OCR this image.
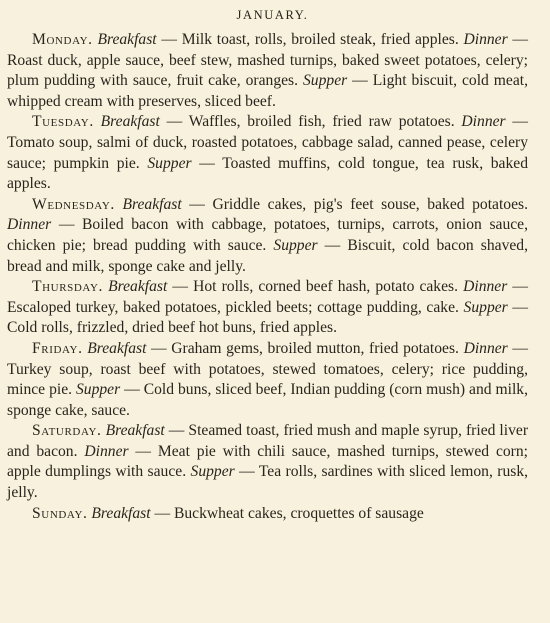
JANUARY.

Monday. Breakfast — Milk toast, rolls, broiled steak, fried apples. Dinner — Roast duck, apple sauce, beef stew, mashed turnips, baked sweet potatoes, celery; plum pudding with sauce, fruit cake, oranges. Supper — Light biscuit, cold meat, whipped cream with preserves, sliced beef.

Tuesday. Breakfast — Waffles, broiled fish, fried raw potatoes. Dinner — Tomato soup, salmi of duck, roasted potatoes, cabbage salad, canned pease, celery sauce; pumpkin pie. Supper — Toasted muffins, cold tongue, tea rusk, baked apples.

Wednesday. Breakfast — Griddle cakes, pig's feet souse, baked potatoes. Dinner — Boiled bacon with cabbage, potatoes, turnips, carrots, onion sauce, chicken pie; bread pudding with sauce. Supper — Biscuit, cold bacon shaved, bread and milk, sponge cake and jelly.

Thursday. Breakfast — Hot rolls, corned beef hash, potato cakes. Dinner — Escaloped turkey, baked potatoes, pickled beets; cottage pudding, cake. Supper — Cold rolls, frizzled, dried beef hot buns, fried apples.

Friday. Breakfast — Graham gems, broiled mutton, fried potatoes. Dinner — Turkey soup, roast beef with potatoes, stewed tomatoes, celery; rice pudding, mince pie. Supper — Cold buns, sliced beef, Indian pudding (corn mush) and milk, sponge cake, sauce.

Saturday. Breakfast — Steamed toast, fried mush and maple syrup, fried liver and bacon. Dinner — Meat pie with chili sauce, mashed turnips, stewed corn; apple dumplings with sauce. Supper — Tea rolls, sardines with sliced lemon, rusk, jelly.

Sunday. Breakfast — Buckwheat cakes, croquettes of sausage
